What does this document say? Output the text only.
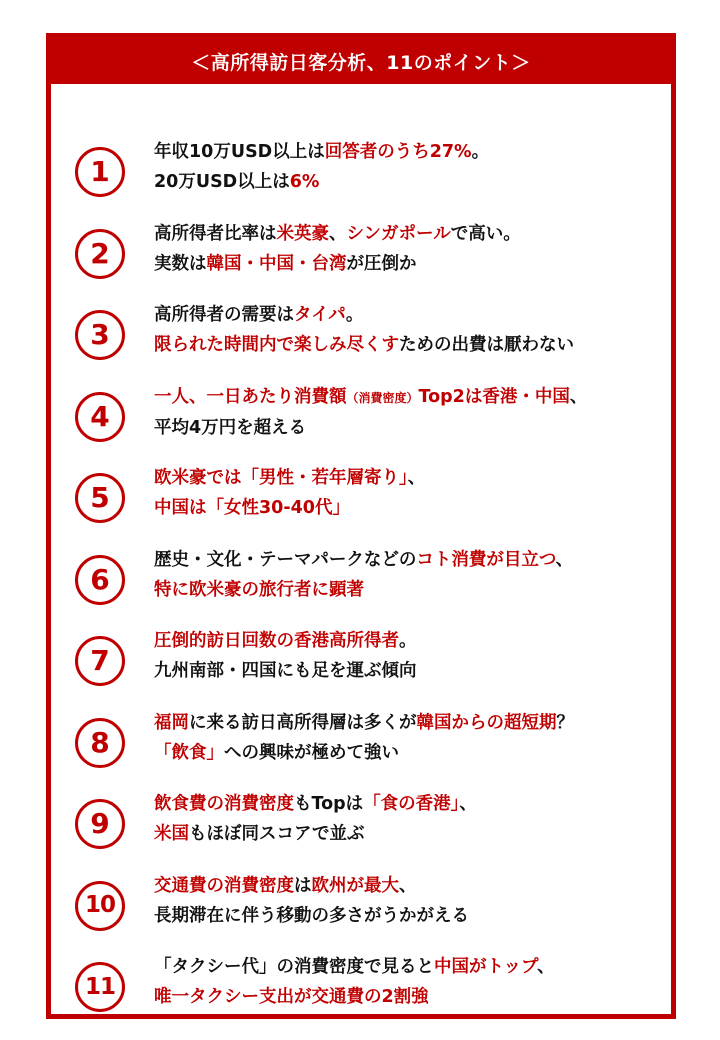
＜高所得訪日客分析、11のポイント＞
1
年収10万USD以上は回答者のうち27%。
20万USD以上は6%
2
高所得者比率は米英豪、シンガポールで高い。
実数は韓国・中国・台湾が圧倒か
3
高所得者の需要はタイパ。
限られた時間内で楽しみ尽くすための出費は厭わない
4
一人、一日あたり消費額（消費密度）Top2は香港・中国、
平均4万円を超える
5
欧米豪では「男性・若年層寄り」、
中国は「女性30-40代」
6
歴史・文化・テーマパークなどのコト消費が目立つ、
特に欧米豪の旅行者に顕著
7
圧倒的訪日回数の香港高所得者。
九州南部・四国にも足を運ぶ傾向
8
福岡に来る訪日高所得層は多くが韓国からの超短期？
「飲食」への興味が極めて強い
9
飲食費の消費密度もTopは「食の香港」、
米国もほぼ同スコアで並ぶ
10
交通費の消費密度は欧州が最大、
長期滞在に伴う移動の多さがうかがえる
11
「タクシー代」の消費密度で見ると中国がトップ、
唯一タクシー支出が交通費の2割強
